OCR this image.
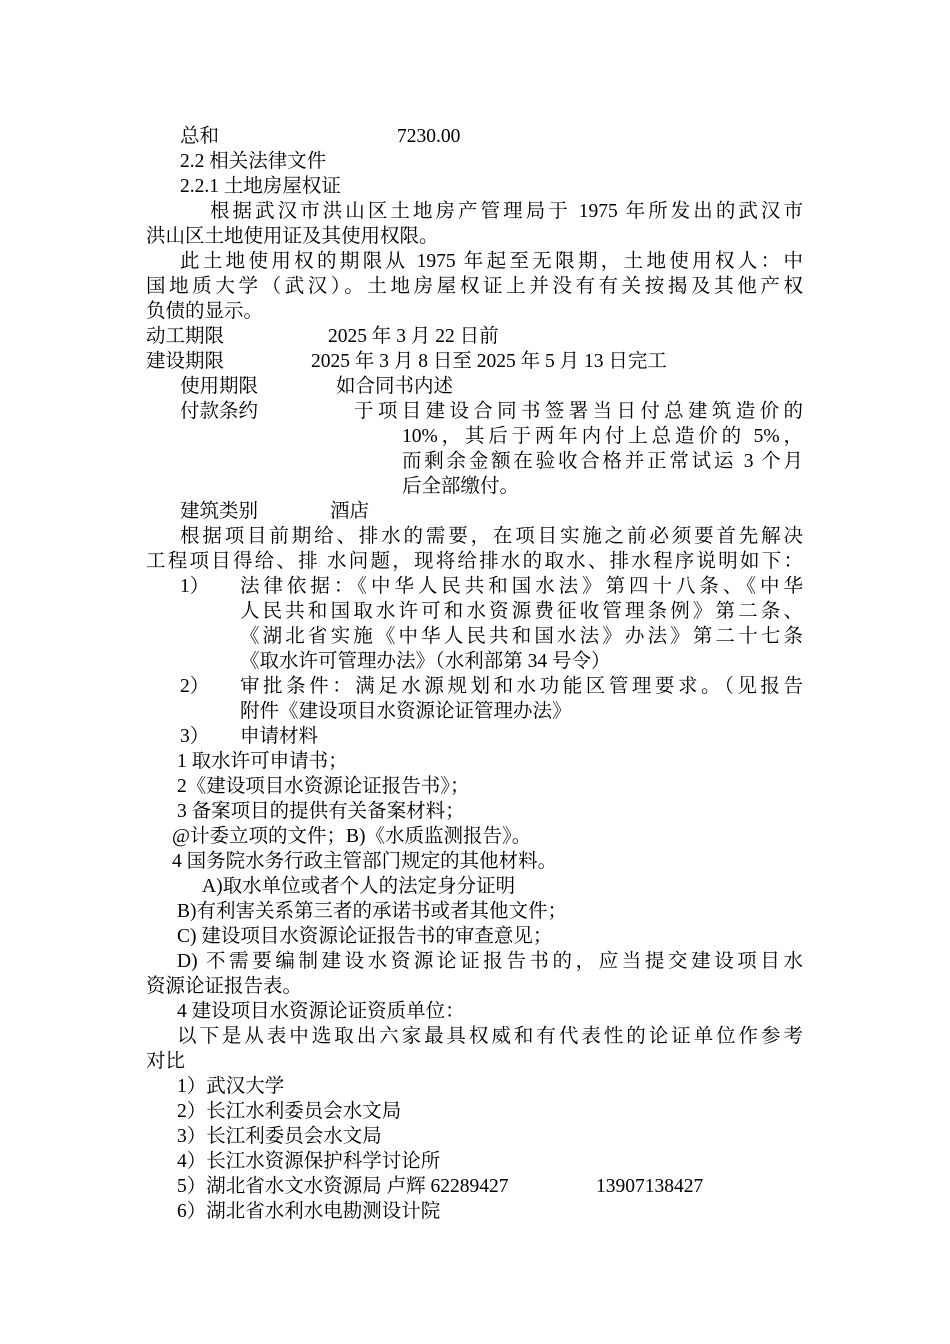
总和	7230.00
2.2 相关法律文件
2.2.1 土地房屋权证
根据武汉市洪山区土地房产管理局于 1975 年所发出的武汉市
洪山区土地使用证及其使用权限。
此土地使用权的期限从 1975 年起至无限期，土地使用权人：中
国地质大学（武汉）。土地房屋权证上并没有有关按揭及其他产权
负债的显示。
动工期限	2025 年 3 月 22 日前
建设期限	2025 年 3 月 8 日至 2025 年 5 月 13 日完工
使用期限	如合同书内述
付款条约	于项目建设合同书签署当日付总建筑造价的
10%，其后于两年内付上总造价的 5%，
而剩余金额在验收合格并正常试运 3 个月
后全部缴付。
建筑类别	酒店
根据项目前期给、排水的需要，在项目实施之前必须要首先解决
工程项目得给、排 水问题，现将给排水的取水、排水程序说明如下：
1） 法律依据：《中华人民共和国水法》第四十八条、《中华
人民共和国取水许可和水资源费征收管理条例》第二条、
《湖北省实施《中华人民共和国水法》办法》第二十七条
《取水许可管理办法》（水利部第 34 号令）
2） 审批条件：满足水源规划和水功能区管理要求。（见报告
附件《建设项目水资源论证管理办法》
3） 申请材料
1 取水许可申请书；
2《建设项目水资源论证报告书》；
3 备案项目的提供有关备案材料；
@计委立项的文件；B)《水质监测报告》。
4 国务院水务行政主管部门规定的其他材料。
A)取水单位或者个人的法定身分证明
B)有利害关系第三者的承诺书或者其他文件；
C) 建设项目水资源论证报告书的审查意见；
D) 不需要编制建设水资源论证报告书的，应当提交建设项目水
资源论证报告表。
4 建设项目水资源论证资质单位：
以下是从表中选取出六家最具权威和有代表性的论证单位作参考
对比
1）武汉大学
2）长江水利委员会水文局
3）长江利委员会水文局
4）长江水资源保护科学讨论所
5）湖北省水文水资源局 卢辉 62289427	13907138427
6）湖北省水利水电勘测设计院
